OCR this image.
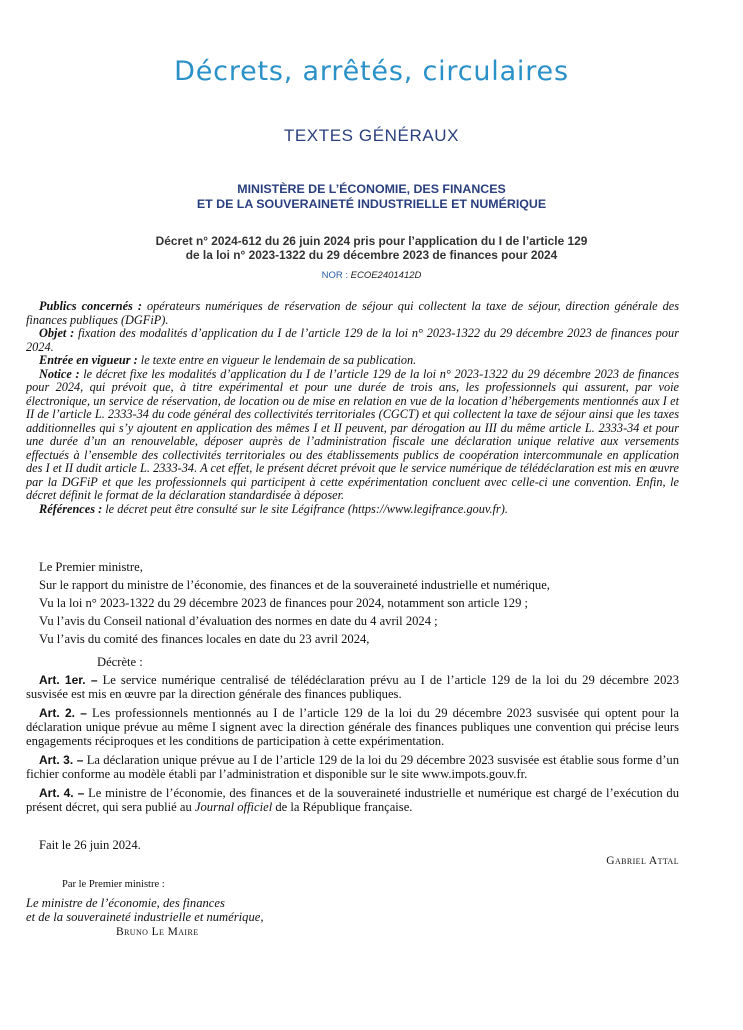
Décrets, arrêtés, circulaires
TEXTES GÉNÉRAUX
MINISTÈRE DE L’ÉCONOMIE, DES FINANCES
ET DE LA SOUVERAINETÉ INDUSTRIELLE ET NUMÉRIQUE
Décret n° 2024-612 du 26 juin 2024 pris pour l’application du I de l’article 129
de la loi n° 2023-1322 du 29 décembre 2023 de finances pour 2024
NOR : ECOE2401412D

Publics concernés : opérateurs numériques de réservation de séjour qui collectent la taxe de séjour, direction générale des finances publiques (DGFiP).

Objet : fixation des modalités d’application du I de l’article 129 de la loi n° 2023-1322 du 29 décembre 2023 de finances pour 2024.

Entrée en vigueur : le texte entre en vigueur le lendemain de sa publication.

Notice : le décret fixe les modalités d’application du I de l’article 129 de la loi n° 2023-1322 du 29 décembre 2023 de finances pour 2024, qui prévoit que, à titre expérimental et pour une durée de trois ans, les professionnels qui assurent, par voie électronique, un service de réservation, de location ou de mise en relation en vue de la location d’hébergements mentionnés aux I et II de l’article L. 2333-34 du code général des collectivités territoriales (CGCT) et qui collectent la taxe de séjour ainsi que les taxes additionnelles qui s’y ajoutent en application des mêmes I et II peuvent, par dérogation au III du même article L. 2333-34 et pour une durée d’un an renouvelable, déposer auprès de l’administration fiscale une déclaration unique relative aux versements effectués à l’ensemble des collectivités territoriales ou des établissements publics de coopération intercommunale en application des I et II dudit article L. 2333-34. A cet effet, le présent décret prévoit que le service numérique de télédéclaration est mis en œuvre par la DGFiP et que les professionnels qui participent à cette expérimentation concluent avec celle-ci une convention. Enfin, le décret définit le format de la déclaration standardisée à déposer.

Références : le décret peut être consulté sur le site Légifrance (https://www.legifrance.gouv.fr).

Le Premier ministre,

Sur le rapport du ministre de l’économie, des finances et de la souveraineté industrielle et numérique,

Vu la loi n° 2023-1322 du 29 décembre 2023 de finances pour 2024, notamment son article 129 ;

Vu l’avis du Conseil national d’évaluation des normes en date du 4 avril 2024 ;

Vu l’avis du comité des finances locales en date du 23 avril 2024,

Décrète :

Art. 1er. – Le service numérique centralisé de télédéclaration prévu au I de l’article 129 de la loi du 29 décembre 2023 susvisée est mis en œuvre par la direction générale des finances publiques.

Art. 2. – Les professionnels mentionnés au I de l’article 129 de la loi du 29 décembre 2023 susvisée qui optent pour la déclaration unique prévue au même I signent avec la direction générale des finances publiques une convention qui précise leurs engagements réciproques et les conditions de participation à cette expérimentation.

Art. 3. – La déclaration unique prévue au I de l’article 129 de la loi du 29 décembre 2023 susvisée est établie sous forme d’un fichier conforme au modèle établi par l’administration et disponible sur le site www.impots.gouv.fr.

Art. 4. – Le ministre de l’économie, des finances et de la souveraineté industrielle et numérique est chargé de l’exécution du présent décret, qui sera publié au Journal officiel de la République française.

Fait le 26 juin 2024.

Gabriel Attal
Par le Premier ministre :
Le ministre de l’économie, des finances
et de la souveraineté industrielle et numérique,
Bruno Le Maire
